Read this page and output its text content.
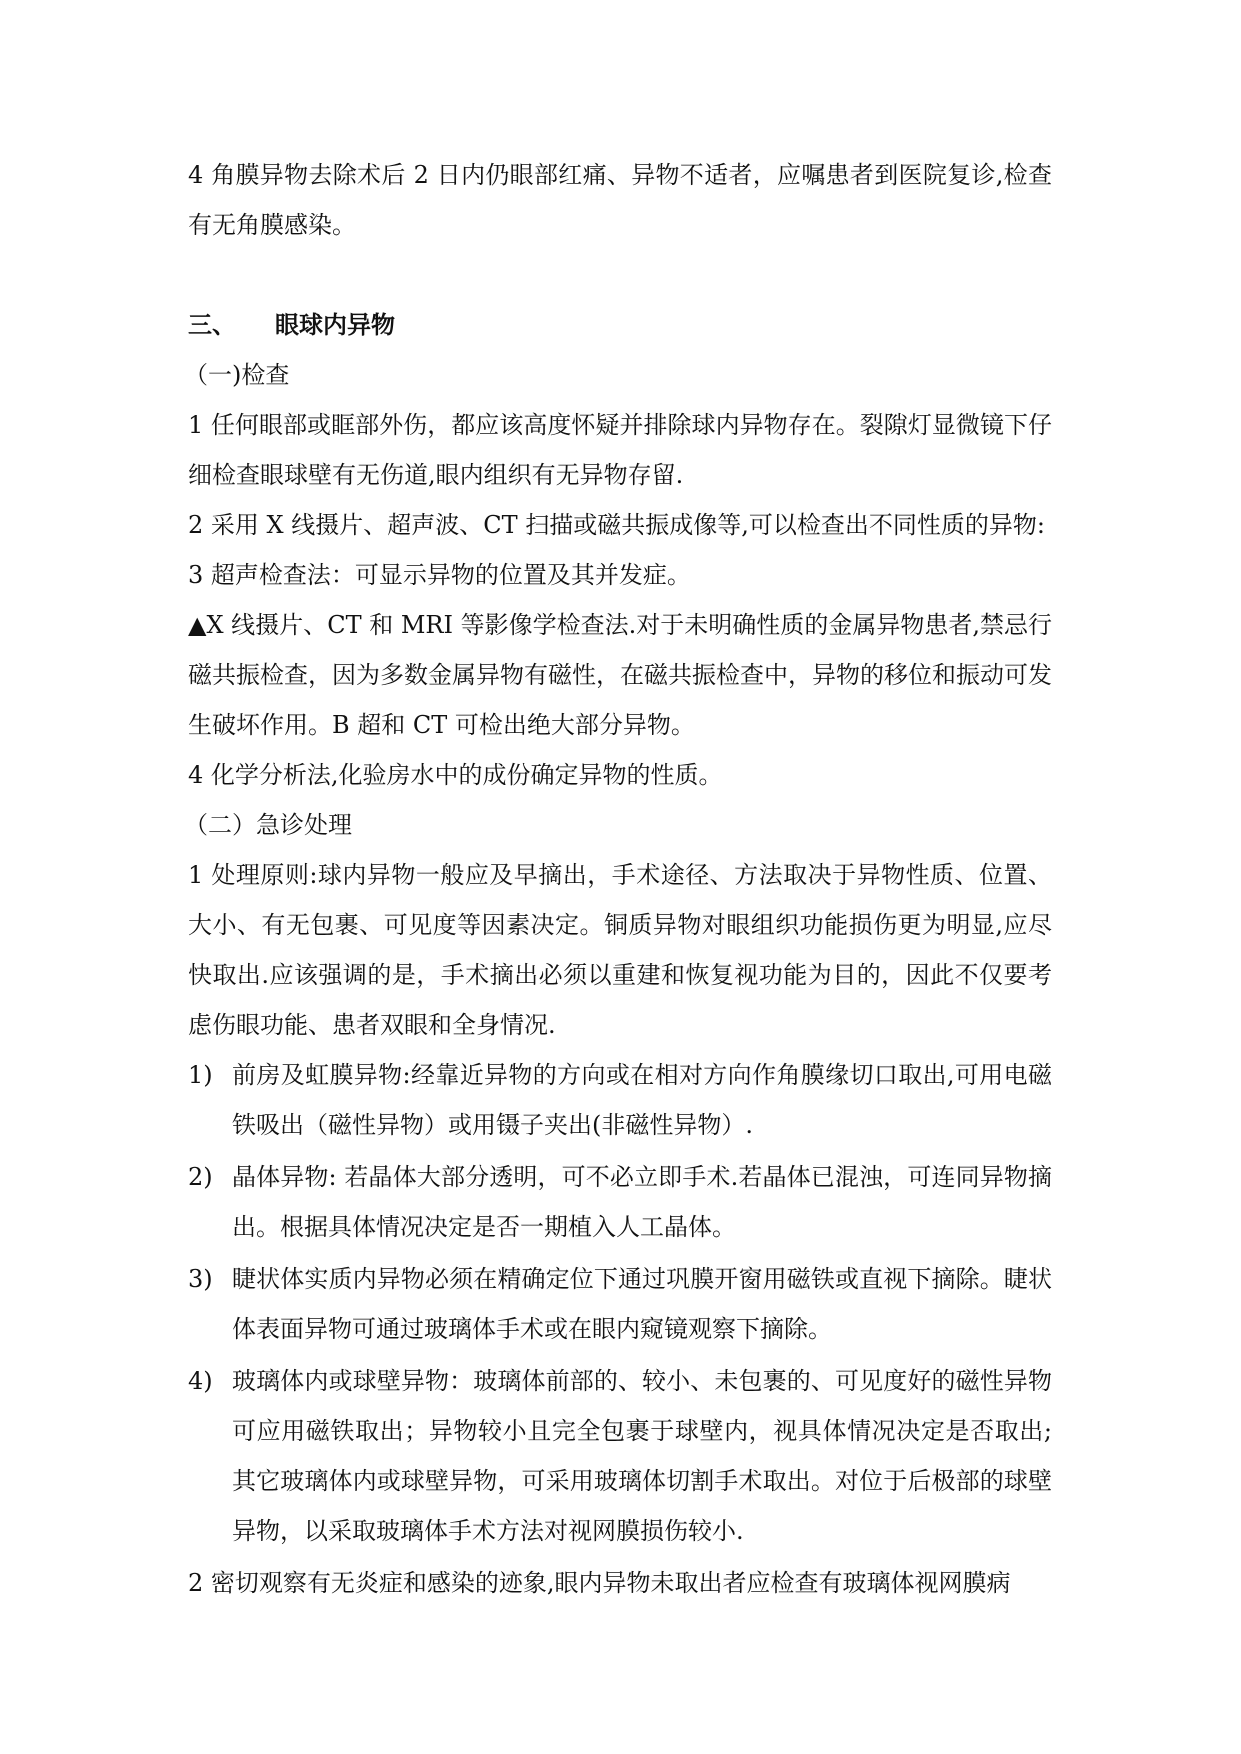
4 角膜异物去除术后 2 日内仍眼部红痛、异物不适者，应嘱患者到医院复诊,检查有无角膜感染。

三、	眼球内异物

（一)检查

1 任何眼部或眶部外伤，都应该高度怀疑并排除球内异物存在。裂隙灯显微镜下仔细检查眼球壁有无伤道,眼内组织有无异物存留.

2 采用 X 线摄片、超声波、CT 扫描或磁共振成像等,可以检查出不同性质的异物:

3 超声检查法：可显示异物的位置及其并发症。

▲X 线摄片、CT 和 MRI 等影像学检查法.对于未明确性质的金属异物患者,禁忌行磁共振检查，因为多数金属异物有磁性，在磁共振检查中，异物的移位和振动可发生破坏作用。B 超和 CT 可检出绝大部分异物。

4 化学分析法,化验房水中的成份确定异物的性质。

（二）急诊处理

1 处理原则:球内异物一般应及早摘出，手术途径、方法取决于异物性质、位置、大小、有无包裹、可见度等因素决定。铜质异物对眼组织功能损伤更为明显,应尽快取出.应该强调的是，手术摘出必须以重建和恢复视功能为目的，因此不仅要考虑伤眼功能、患者双眼和全身情况.

1) 前房及虹膜异物:经靠近异物的方向或在相对方向作角膜缘切口取出,可用电磁铁吸出（磁性异物）或用镊子夹出(非磁性异物）.
2) 晶体异物: 若晶体大部分透明，可不必立即手术.若晶体已混浊，可连同异物摘出。根据具体情况决定是否一期植入人工晶体。
3) 睫状体实质内异物必须在精确定位下通过巩膜开窗用磁铁或直视下摘除。睫状体表面异物可通过玻璃体手术或在眼内窥镜观察下摘除。
4) 玻璃体内或球壁异物：玻璃体前部的、较小、未包裹的、可见度好的磁性异物可应用磁铁取出；异物较小且完全包裹于球壁内，视具体情况决定是否取出;其它玻璃体内或球壁异物，可采用玻璃体切割手术取出。对位于后极部的球壁异物，以采取玻璃体手术方法对视网膜损伤较小.

2 密切观察有无炎症和感染的迹象,眼内异物未取出者应检查有玻璃体视网膜病
